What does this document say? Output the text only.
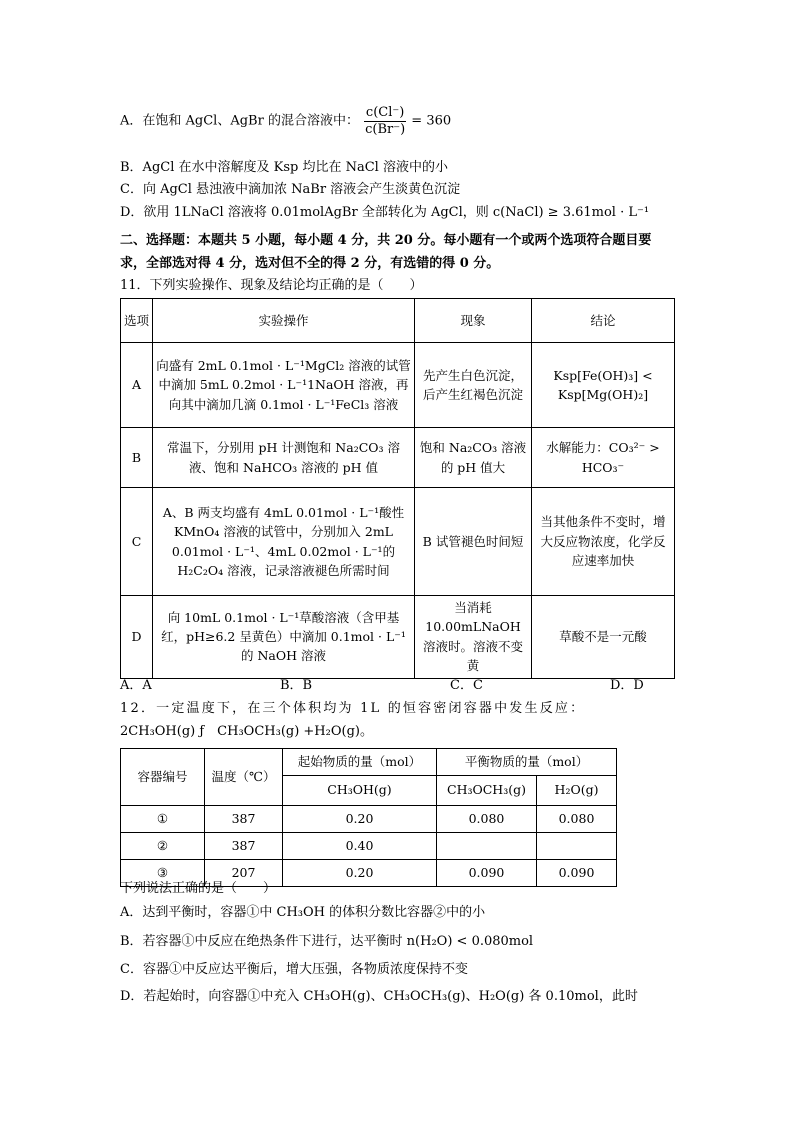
A．在饱和 AgCl、AgBr 的混合溶液中： $\frac{c(Cl^-)}{c(Br^-)} = 360$
B．AgCl 在水中溶解度及 Ksp 均比在 NaCl 溶液中的小
C．向 AgCl 悬浊液中滴加浓 NaBr 溶液会产生淡黄色沉淀
D．欲用 1LNaCl 溶液将 0.01molAgBr 全部转化为 AgCl，则 c(NaCl) ≥ 3.61mol · L⁻¹
二、选择题：本题共 5 小题，每小题 4 分，共 20 分。每小题有一个或两个选项符合题目要
求，全部选对得 4 分，选对但不全的得 2 分，有选错的得 0 分。
11．下列实验操作、现象及结论均正确的是（　　）
选项	实验操作	现象	结论
A	向盛有 2mL 0.1mol · L⁻¹MgCl₂ 溶液的试管中滴加 5mL 0.2mol · L⁻¹1NaOH 溶液，再向其中滴加几滴 0.1mol · L⁻¹FeCl₃ 溶液	先产生白色沉淀，后产生红褐色沉淀	Ksp[Fe(OH)₃] < Ksp[Mg(OH)₂]
B	常温下，分别用 pH 计测饱和 Na₂CO₃ 溶液、饱和 NaHCO₃ 溶液的 pH 值	饱和 Na₂CO₃ 溶液的 pH 值大	水解能力：CO₃²⁻ > HCO₃⁻
C	A、B 两支均盛有 4mL 0.01mol · L⁻¹酸性 KMnO₄ 溶液的试管中，分别加入 2mL 0.01mol · L⁻¹、4mL 0.02mol · L⁻¹的 H₂C₂O₄ 溶液，记录溶液褪色所需时间	B 试管褪色时间短	当其他条件不变时，增大反应物浓度，化学反应速率加快
D	向 10mL 0.1mol · L⁻¹草酸溶液（含甲基红，pH≥6.2 呈黄色）中滴加 0.1mol · L⁻¹的 NaOH 溶液	当消耗 10.00mLNaOH 溶液时。溶液不变黄	草酸不是一元酸
A．A	B．B	C．C	D．D
12．一定温度下，在三个体积均为 1L 的恒容密闭容器中发生反应：
2CH₃OH(g) ƒ　CH₃OCH₃(g) +H₂O(g)。
容器编号	温度（℃）	起始物质的量（mol）	平衡物质的量（mol）	
		CH₃OH(g)	CH₃OCH₃(g)	H₂O(g)
①	387	0.20	0.080	0.080
②	387	0.40		
③	207	0.20	0.090	0.090
下列说法正确的是（　　）
A．达到平衡时，容器①中 CH₃OH 的体积分数比容器②中的小
B．若容器①中反应在绝热条件下进行，达平衡时 n(H₂O) < 0.080mol
C．容器①中反应达平衡后，增大压强，各物质浓度保持不变
D．若起始时，向容器①中充入 CH₃OH(g)、CH₃OCH₃(g)、H₂O(g) 各 0.10mol，此时
